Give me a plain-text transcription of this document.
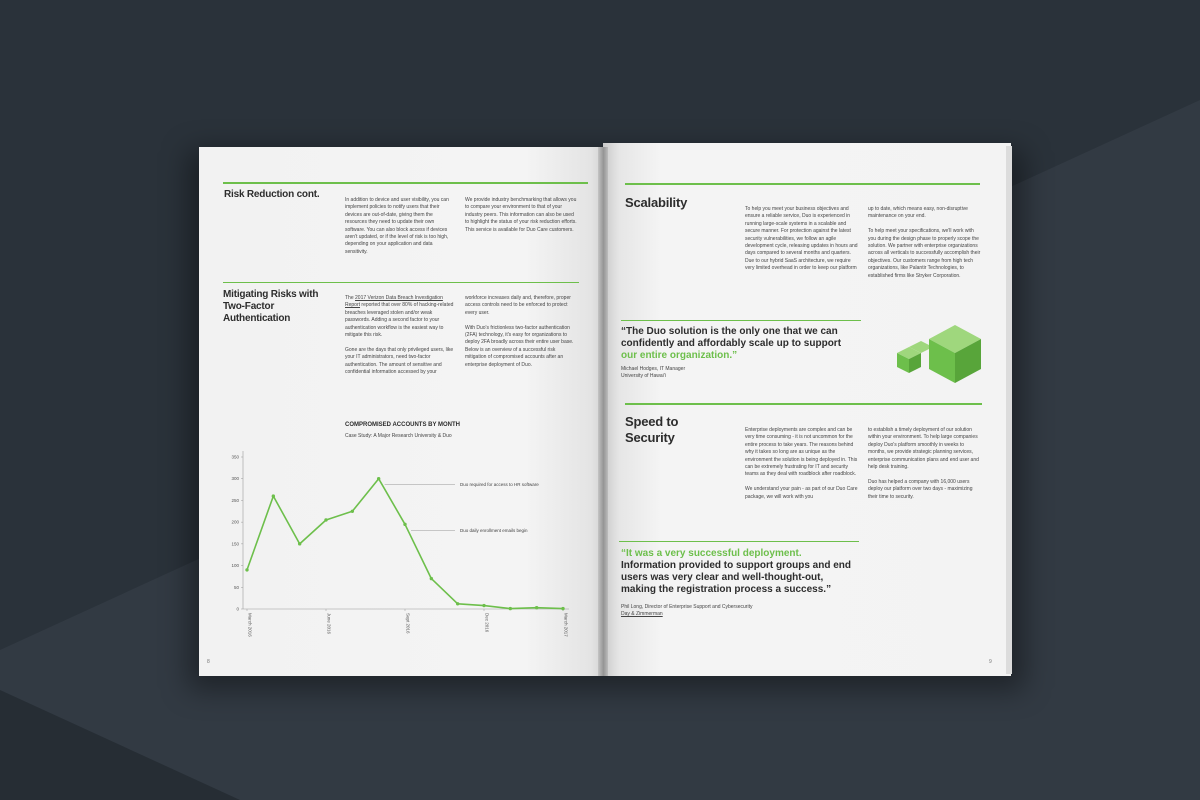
Risk Reduction cont.	In addition to device and user visibility, you can implement policies to notify users that their devices are out-of-date, giving them the resources they need to update their own software. You can also block access if devices aren't updated, or if the level of risk is too high, depending on your application and data sensitivity.
We provide industry benchmarking that allows you to compare your environment to that of your industry peers. This information can also be used to highlight the status of your risk reduction efforts. This service is available for Duo Care customers.
Mitigating Risks with Two-Factor Authentication
The 2017 Verizon Data Breach Investigation Report reported that over 80% of hacking-related breaches leveraged stolen and/or weak passwords. Adding a second factor to your authentication workflow is the easiest way to mitigate this risk.

Gone are the days that only privileged users, like your IT administrators, need two-factor authentication. The amount of sensitive and confidential information accessed by your
workforce increases daily and, therefore, proper access controls need to be enforced to protect every user.

With Duo's frictionless two-factor authentication (2FA) technology, it's easy for organizations to deploy 2FA broadly across their entire user base. Below is an overview of a successful risk mitigation of compromised accounts after an enterprise deployment of Duo.
COMPROMISED ACCOUNTS BY MONTH
Case Study: A Major Research University & Duo
0
50
100
150
200
250
300
350
March 2016	June 2016	Sept 2016	Dec 2016	March 2017
Duo required for access to HR software
Duo daily enrollment emails begin
8
Scalability	To help you meet your business objectives and ensure a reliable service, Duo is experienced in running large-scale systems in a scalable and secure manner. For protection against the latest security vulnerabilities, we follow an agile development cycle, releasing updates in hours and days compared to several months and quarters. Due to our hybrid SaaS architecture, we require very limited overhead in order to keep our platform
up to date, which means easy, non-disruptive maintenance on your end.

To help meet your specifications, we'll work with you during the design phase to properly scope the solution. We partner with enterprise organizations across all verticals to successfully accomplish their objectives. Our customers range from high tech organizations, like Palantir Technologies, to established firms like Stryker Corporation.
“The Duo solution is the only one that we can confidently and affordably scale up to support our entire organization.”
Michael Hodges, IT Manager
University of Hawai'i
Speed to Security	Enterprise deployments are complex and can be very time consuming - it is not uncommon for the entire process to take years. The reasons behind why it takes so long are as unique as the environment the solution is being deployed in. This can be extremely frustrating for IT and security teams as they deal with roadblock after roadblock.

We understand your pain - as part of our Duo Care package, we will work with you
to establish a timely deployment of our solution within your environment. To help large companies deploy Duo's platform smoothly in weeks to months, we provide strategic planning services, enterprise communication plans and end user and help desk training.

Duo has helped a company with 16,000 users deploy our platform over two days - maximizing their time to security.
“It was a very successful deployment.
Information provided to support groups and end users was very clear and well-thought-out, making the registration process a success.”
Phil Long, Director of Enterprise Support and Cybersecurity
Day & Zimmerman
9
